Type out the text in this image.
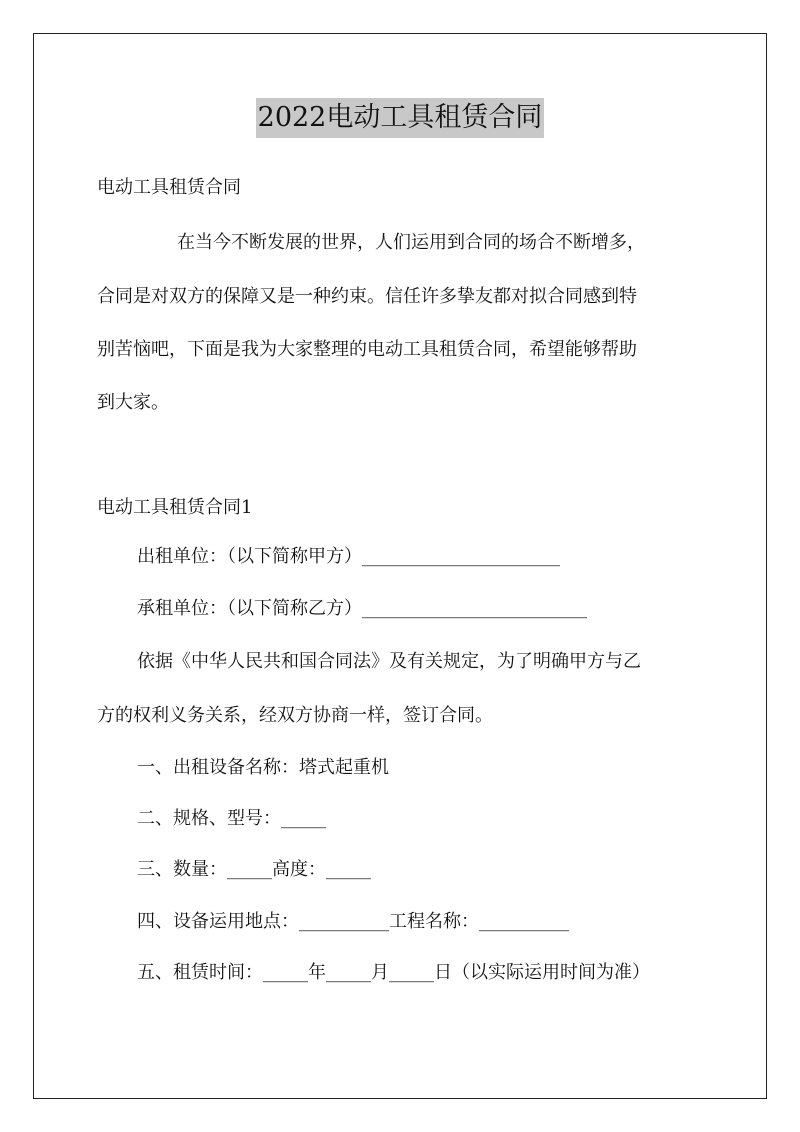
2022电动工具租赁合同
电动工具租赁合同
在当今不断发展的世界，人们运用到合同的场合不断增多，
合同是对双方的保障又是一种约束。信任许多挚友都对拟合同感到特
别苦恼吧，下面是我为大家整理的电动工具租赁合同，希望能够帮助
到大家。
电动工具租赁合同1
出租单位：（以下简称甲方）______________________
承租单位：（以下简称乙方）_________________________
依据《中华人民共和国合同法》及有关规定，为了明确甲方与乙
方的权利义务关系，经双方协商一样，签订合同。
一、出租设备名称：塔式起重机
二、规格、型号：_____
三、数量：_____高度：_____
四、设备运用地点：__________工程名称：__________
五、租赁时间：_____年_____月_____日（以实际运用时间为准）
